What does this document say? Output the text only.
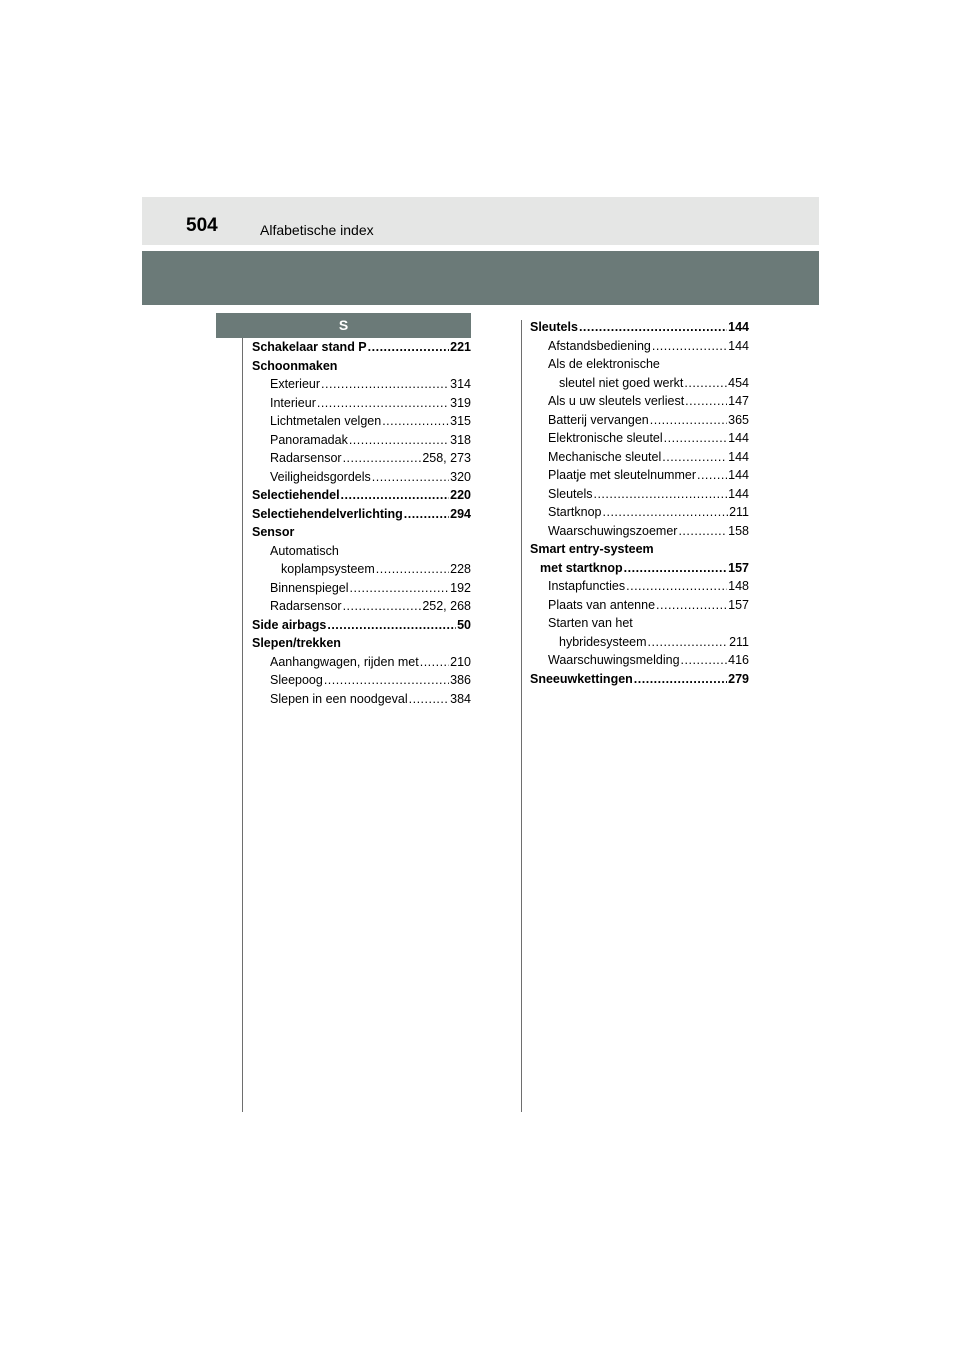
504	Alfabetische index
S
Schakelaar stand P .....	221
Schoonmaken
Exterieur .....	314
Interieur .....	319
Lichtmetalen velgen .....	315
Panoramadak .....	318
Radarsensor .....	258, 273
Veiligheidsgordels .....	320
Selectiehendel .....	220
Selectiehendelverlichting .....	294
Sensor
Automatisch
koplampsysteem .....	228
Binnenspiegel .....	192
Radarsensor .....	252, 268
Side airbags .....	50
Slepen/trekken
Aanhangwagen, rijden met .....	210
Sleepoog .....	386
Slepen in een noodgeval .....	384
Sleutels .....	144
Afstandsbediening .....	144
Als de elektronische
sleutel niet goed werkt .....	454
Als u uw sleutels verliest .....	147
Batterij vervangen .....	365
Elektronische sleutel .....	144
Mechanische sleutel .....	144
Plaatje met sleutelnummer .....	144
Sleutels .....	144
Startknop .....	211
Waarschuwingszoemer .....	158
Smart entry-systeem
met startknop .....	157
Instapfuncties .....	148
Plaats van antenne .....	157
Starten van het
hybridesysteem .....	211
Waarschuwingsmelding .....	416
Sneeuwkettingen .....	279
